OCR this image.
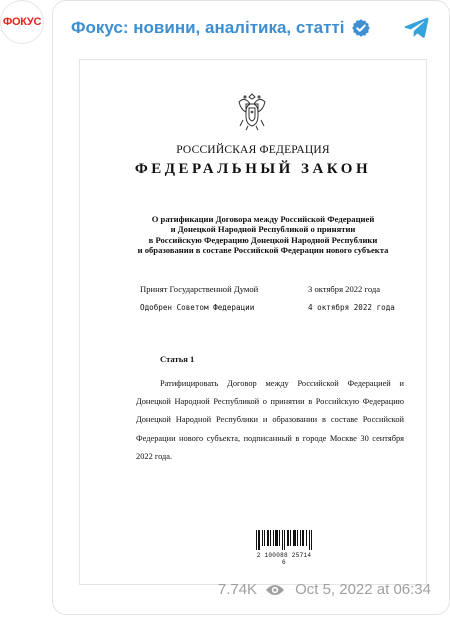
ФОКУС Фокус: новини, аналітика, статті
РОССИЙСКАЯ ФЕДЕРАЦИЯ
ФЕДЕРАЛЬНЫЙ ЗАКОН
О ратификации Договора между Российской Федерацией
и Донецкой Народной Республикой о принятии
в Российскую Федерацию Донецкой Народной Республики
и образовании в составе Российской Федерации нового субъекта
Принят Государственной Думой	3 октября 2022 года
Одобрен Советом Федерации	4 октября 2022 года
Статья 1
Ратифицировать Договор между Российской Федерацией и Донецкой Народной Республикой о принятии в Российскую Федерацию Донецкой Народной Республики и образовании в составе Российской Федерации нового субъекта, подписанный в городе Москве 30 сентября 2022 года.
2 100088 25714 6
7.74K	Oct 5, 2022 at 06:34
